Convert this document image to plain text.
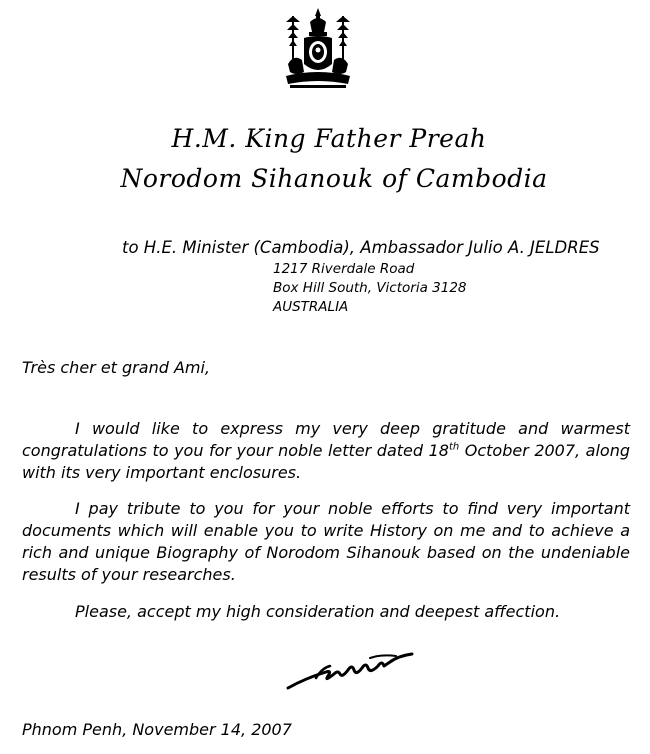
H.M. King Father Preah
Norodom Sihanouk of Cambodia
to H.E. Minister (Cambodia), Ambassador Julio A. JELDRES
1217 Riverdale Road
Box Hill South, Victoria 3128
AUSTRALIA
Très cher et grand Ami,
I would like to express my very deep gratitude and warmest congratulations to you for your noble letter dated 18th October 2007, along with its very important enclosures.
I pay tribute to you for your noble efforts to find very important documents which will enable you to write History on me and to achieve a rich and unique Biography of Norodom Sihanouk based on the undeniable results of your researches.
Please, accept my high consideration and deepest affection.
Phnom Penh, November 14, 2007
